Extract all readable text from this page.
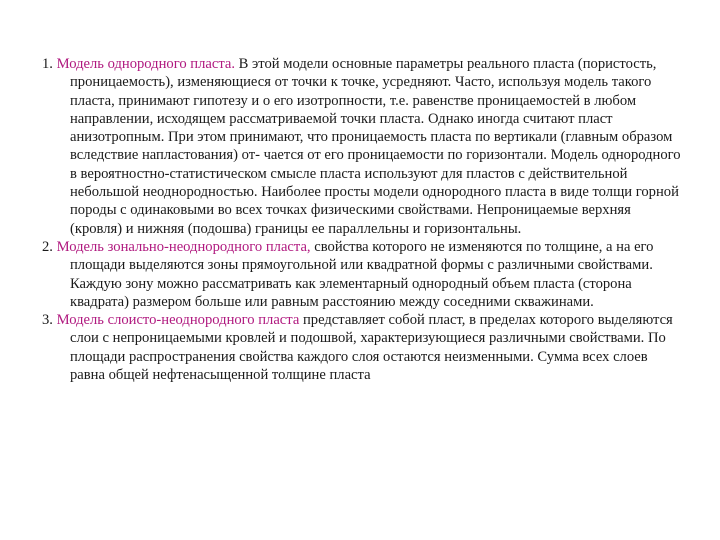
1. Модель однородного пласта. В этой модели основные параметры реального пласта (пористость, проницаемость), изменяющиеся от точки к точке, усредняют. Часто, используя модель такого пласта, принимают гипотезу и о его изотропности, т.е. равенстве проницаемостей в любом направлении, исходящем рассматриваемой точки пласта. Однако иногда считают пласт анизотропным. При этом принимают, что проницаемость пласта по вертикали (главным образом вследствие напластования) от- чается от его проницаемости по горизонтали. Модель однородного в вероятностно-статистическом смысле пласта используют для пластов с действительной небольшой неоднородностью. Наиболее просты модели однородного пласта в виде толщи горной породы с одинаковыми во всех точках физическими свойствами. Непроницаемые верхняя (кровля) и нижняя (подошва) границы ее параллельны и горизонтальны.

2. Модель зонально-неоднородного пласта, свойства которого не изменяются по толщине, а на его площади выделяются зоны прямоугольной или квадратной формы с различными свойствами. Каждую зону можно рассматривать как элементарный однородный объем пласта (сторона квадрата) размером больше или равным расстоянию между соседними скважинами.

3. Модель слоисто-неоднородного пласта представляет собой пласт, в пределах которого выделяются слои с непроницаемыми кровлей и подошвой, характеризующиеся различными свойствами. По площади распространения свойства каждого слоя остаются неизменными. Сумма всех слоев равна общей нефтенасыщенной толщине пласта
